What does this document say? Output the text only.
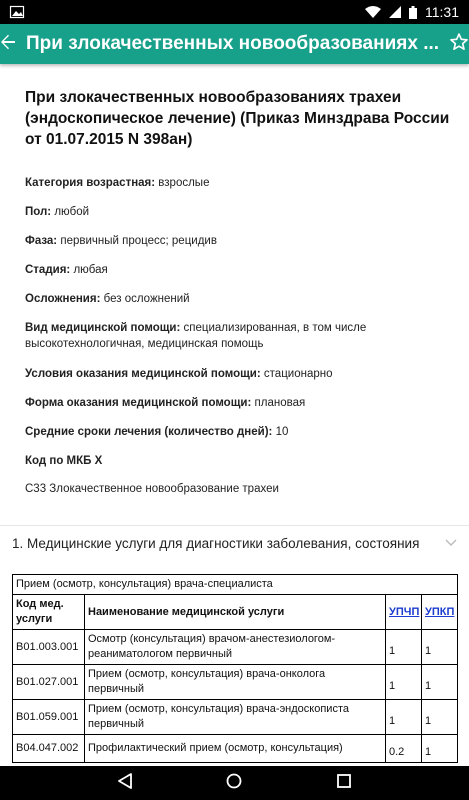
11:31
При злокачественных новообразованиях ...
При злокачественных новообразованиях трахеи (эндоскопическое лечение) (Приказ Минздрава России от 01.07.2015 N 398ан)
Категория возрастная: взрослые
Пол: любой
Фаза: первичный процесс; рецидив
Стадия: любая
Осложнения: без осложнений
Вид медицинской помощи: специализированная, в том числе высокотехнологичная, медицинская помощь
Условия оказания медицинской помощи: стационарно
Форма оказания медицинской помощи: плановая
Средние сроки лечения (количество дней): 10
Код по МКБ X
С33 Злокачественное новообразование трахеи
1. Медицинские услуги для диагностики заболевания, состояния
Прием (осмотр, консультация) врача-специалиста			
Код мед. услуги	Наименование медицинской услуги	УПЧП	УПКП
B01.003.001	Осмотр (консультация) врачом-анестезиологом-реаниматологом первичный	1	1
B01.027.001	Прием (осмотр, консультация) врача-онколога первичный	1	1
B01.059.001	Прием (осмотр, консультация) врача-эндоскописта первичный	1	1
B04.047.002	Профилактический прием (осмотр, консультация)	0.2	1
